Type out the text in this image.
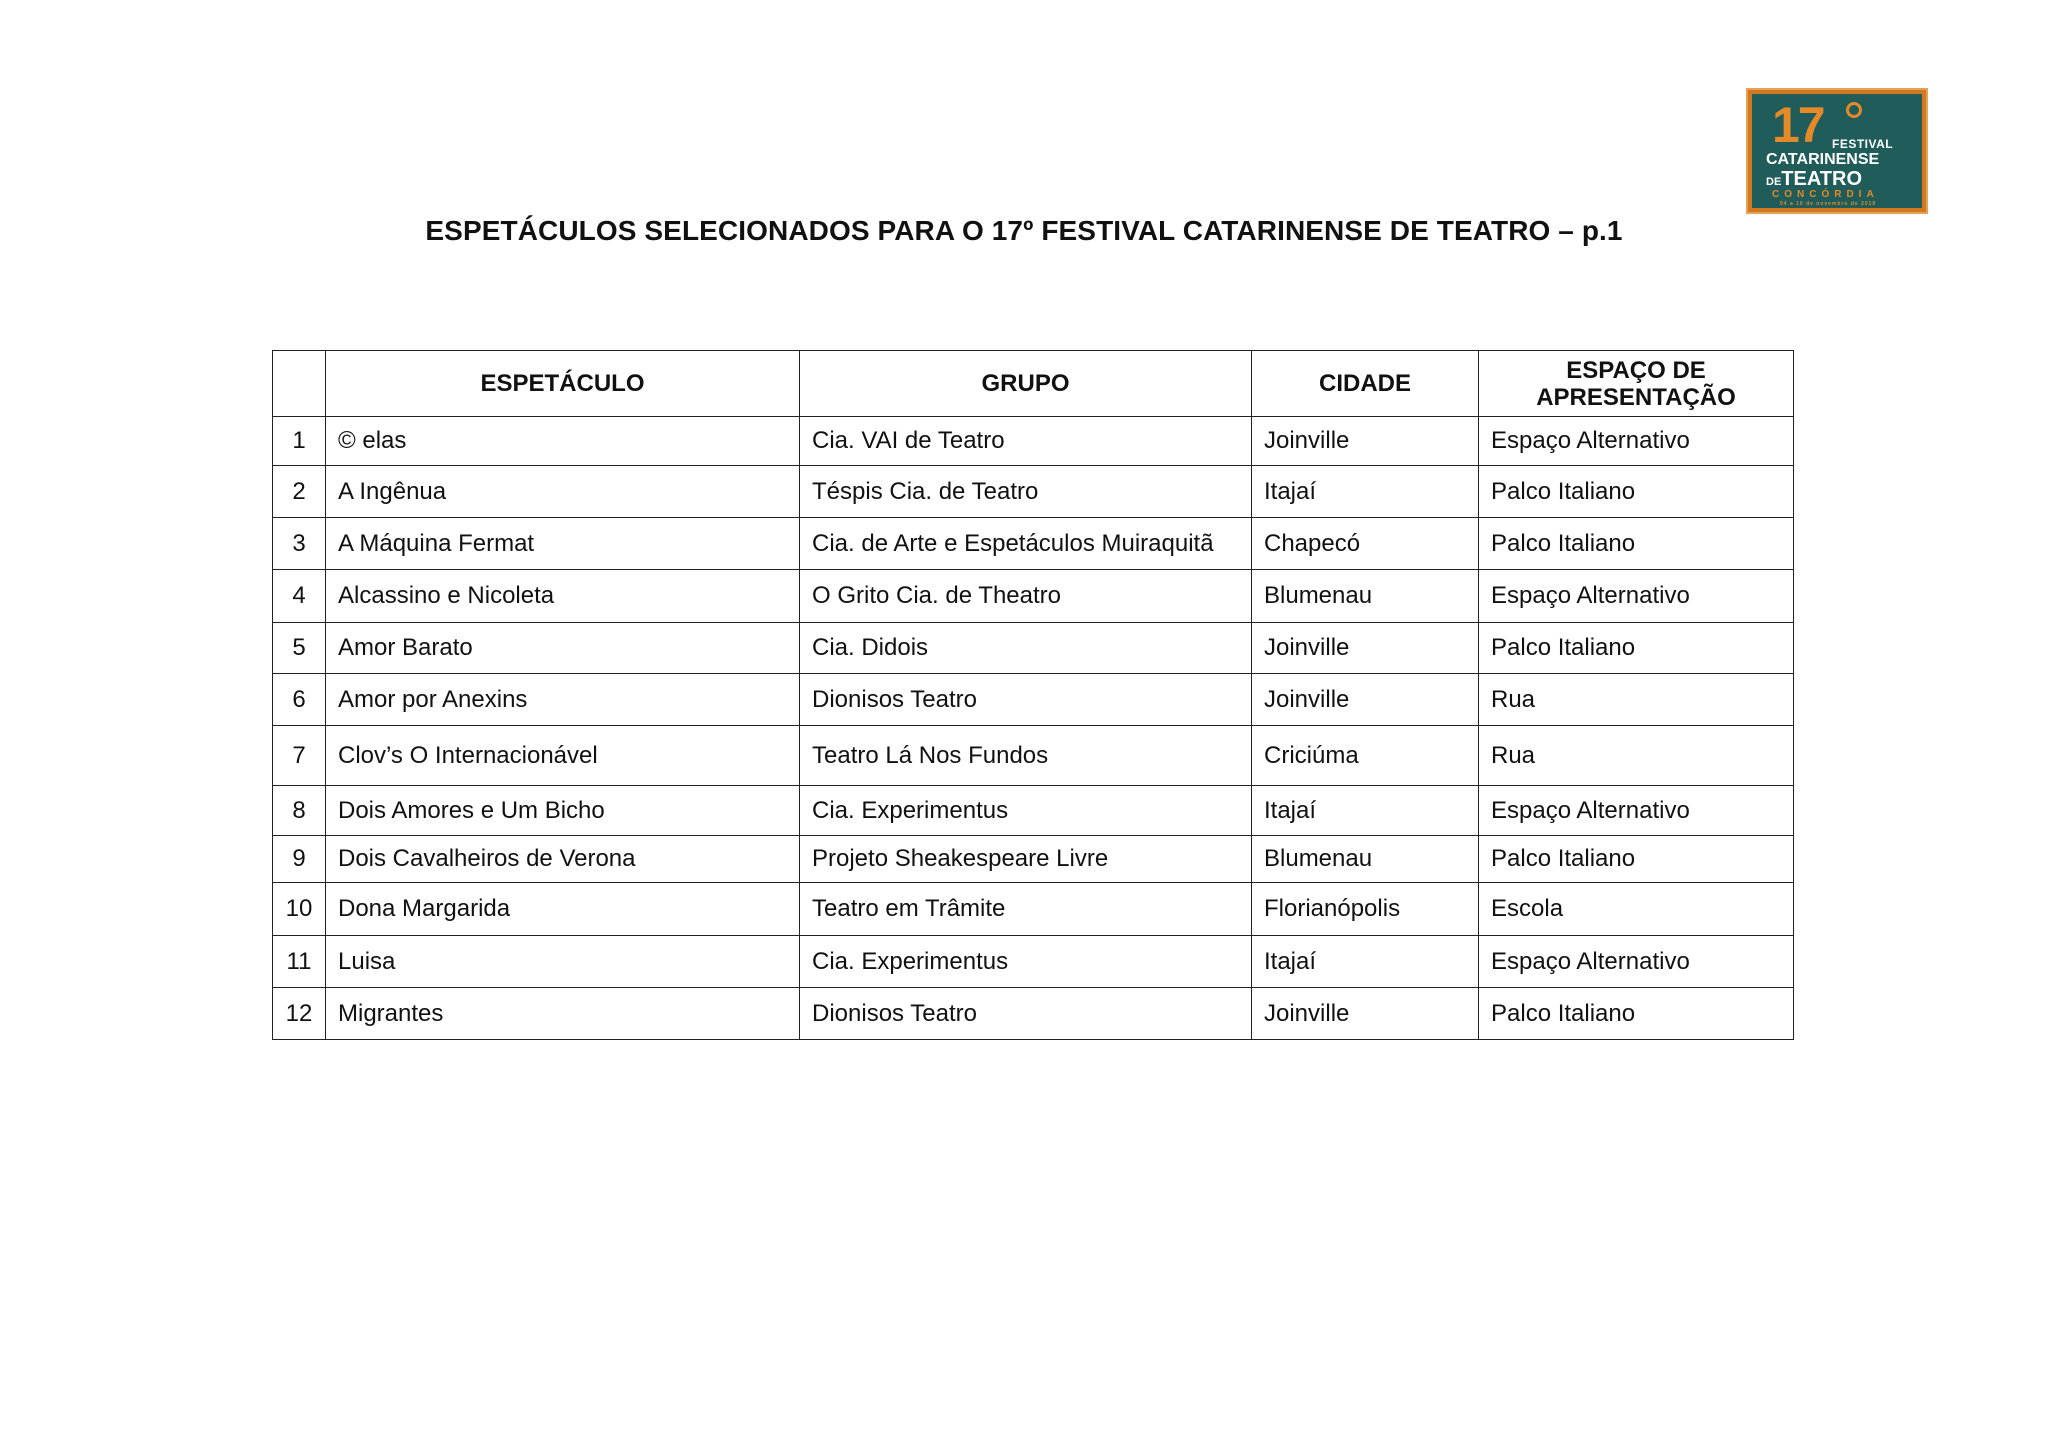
17 FESTIVAL
CATARINENSE
DETEATRO
CONCÓRDIA
04 a 10 de novembro de 2019
ESPETÁCULOS SELECIONADOS PARA O 17º FESTIVAL CATARINENSE DE TEATRO – p.1
	ESPETÁCULO	GRUPO	CIDADE	ESPAÇO DE APRESENTAÇÃO
1	© elas	Cia. VAI de Teatro	Joinville	Espaço Alternativo
2	A Ingênua	Téspis Cia. de Teatro	Itajaí	Palco Italiano
3	A Máquina Fermat	Cia. de Arte e Espetáculos Muiraquitã	Chapecó	Palco Italiano
4	Alcassino e Nicoleta	O Grito Cia. de Theatro	Blumenau	Espaço Alternativo
5	Amor Barato	Cia. Didois	Joinville	Palco Italiano
6	Amor por Anexins	Dionisos Teatro	Joinville	Rua
7	Clov’s O Internacionável	Teatro Lá Nos Fundos	Criciúma	Rua
8	Dois Amores e Um Bicho	Cia. Experimentus	Itajaí	Espaço Alternativo
9	Dois Cavalheiros de Verona	Projeto Sheakespeare Livre	Blumenau	Palco Italiano
10	Dona Margarida	Teatro em Trâmite	Florianópolis	Escola
11	Luisa	Cia. Experimentus	Itajaí	Espaço Alternativo
12	Migrantes	Dionisos Teatro	Joinville	Palco Italiano
